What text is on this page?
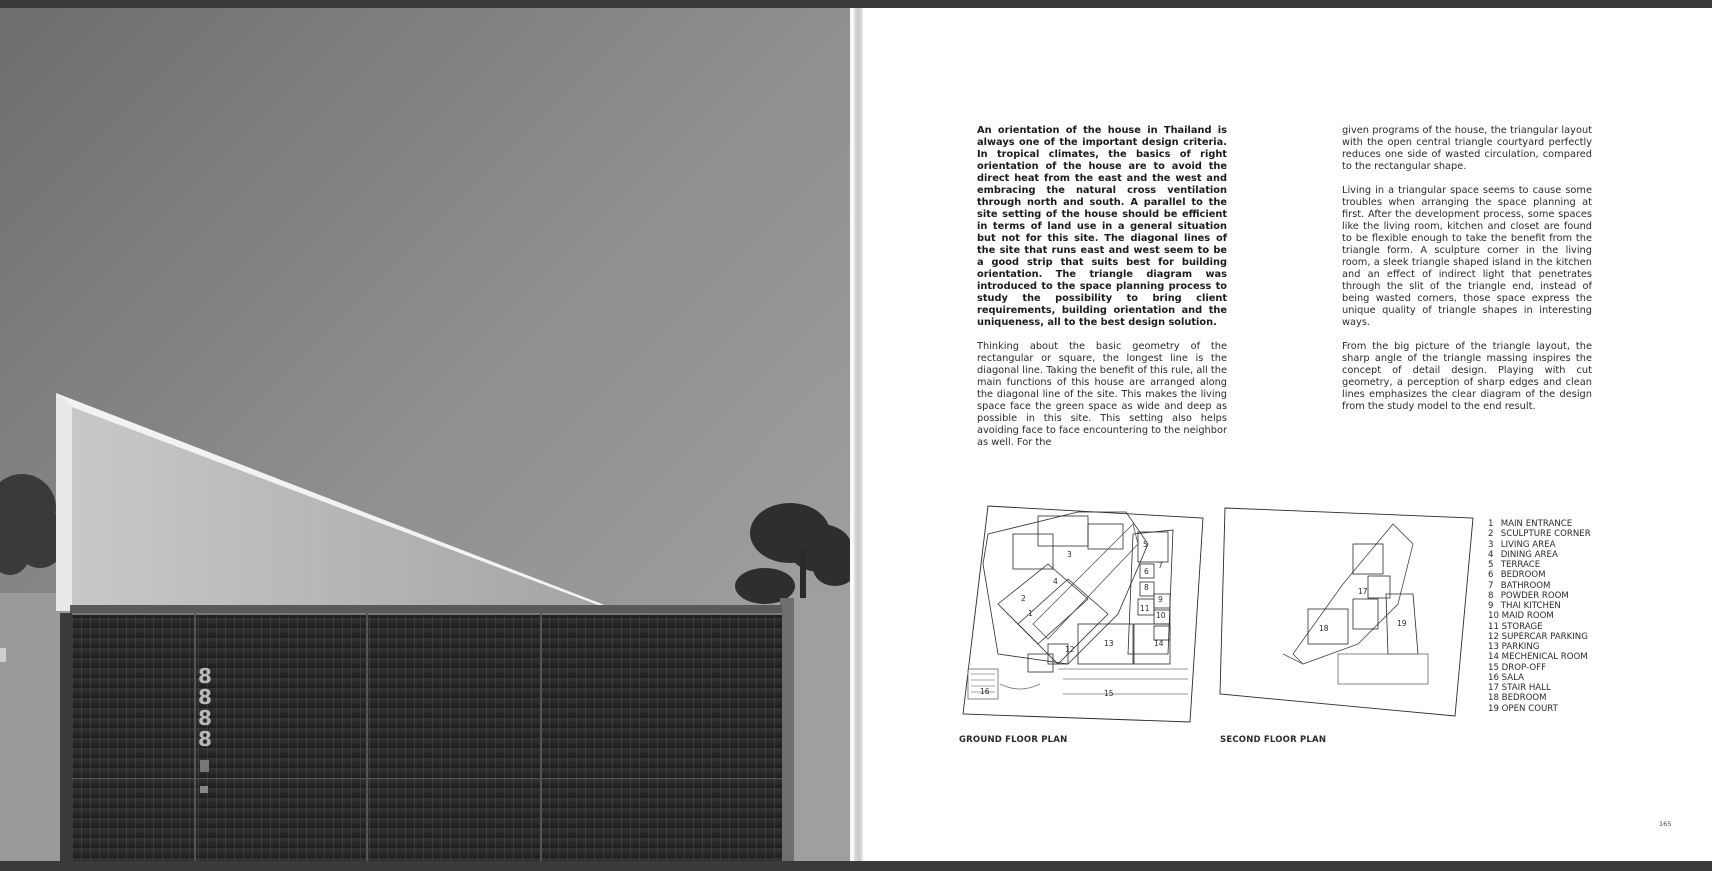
8
8
8
8

An orientation of the house in Thailand is always one of the important design criteria. In tropical climates, the basics of right orientation of the house are to avoid the direct heat from the east and the west and embracing the natural cross ventilation through north and south. A parallel to the site setting of the house should be efficient in terms of land use in a general situation but not for this site. The diagonal lines of the site that runs east and west seem to be a good strip that suits best for building orientation. The triangle diagram was introduced to the space planning process to study the possibility to bring client requirements, building orientation and the uniqueness, all to the best design solution.

Thinking about the basic geometry of the rectangular or square, the longest line is the diagonal line. Taking the benefit of this rule, all the main functions of this house are arranged along the diagonal line of the site. This makes the living space face the green space as wide and deep as possible in this site. This setting also helps avoiding face to face encountering to the neighbor as well. For the

given programs of the house, the triangular layout with the open central triangle courtyard perfectly reduces one side of wasted circulation, compared to the rectangular shape.

Living in a triangular space seems to cause some troubles when arranging the space planning at first. After the development process, some spaces like the living room, kitchen and closet are found to be flexible enough to take the benefit from the triangle form. A sculpture corner in the living room, a sleek triangle shaped island in the kitchen and an effect of indirect light that penetrates through the slit of the triangle end, instead of being wasted corners, those space express the unique quality of triangle shapes in interesting ways.

From the big picture of the triangle layout, the sharp angle of the triangle massing inspires the concept of detail design. Playing with cut geometry, a perception of sharp edges and clean lines emphasizes the clear diagram of the design from the study model to the end result.

1
2
3
4
5
6
7
8
9
10
11
12
13	14
15
16
17
18
19
GROUND FLOOR PLAN	SECOND FLOOR PLAN
1 MAIN ENTRANCE
2 SCULPTURE CORNER
3 LIVING AREA
4 DINING AREA
5 TERRACE
6 BEDROOM
7 BATHROOM
8 POWDER ROOM
9 THAI KITCHEN
10 MAID ROOM
11 STORAGE
12 SUPERCAR PARKING
13 PARKING
14 MECHENICAL ROOM
15 DROP-OFF
16 SALA
17 STAIR HALL
18 BEDROOM
19 OPEN COURT
165
